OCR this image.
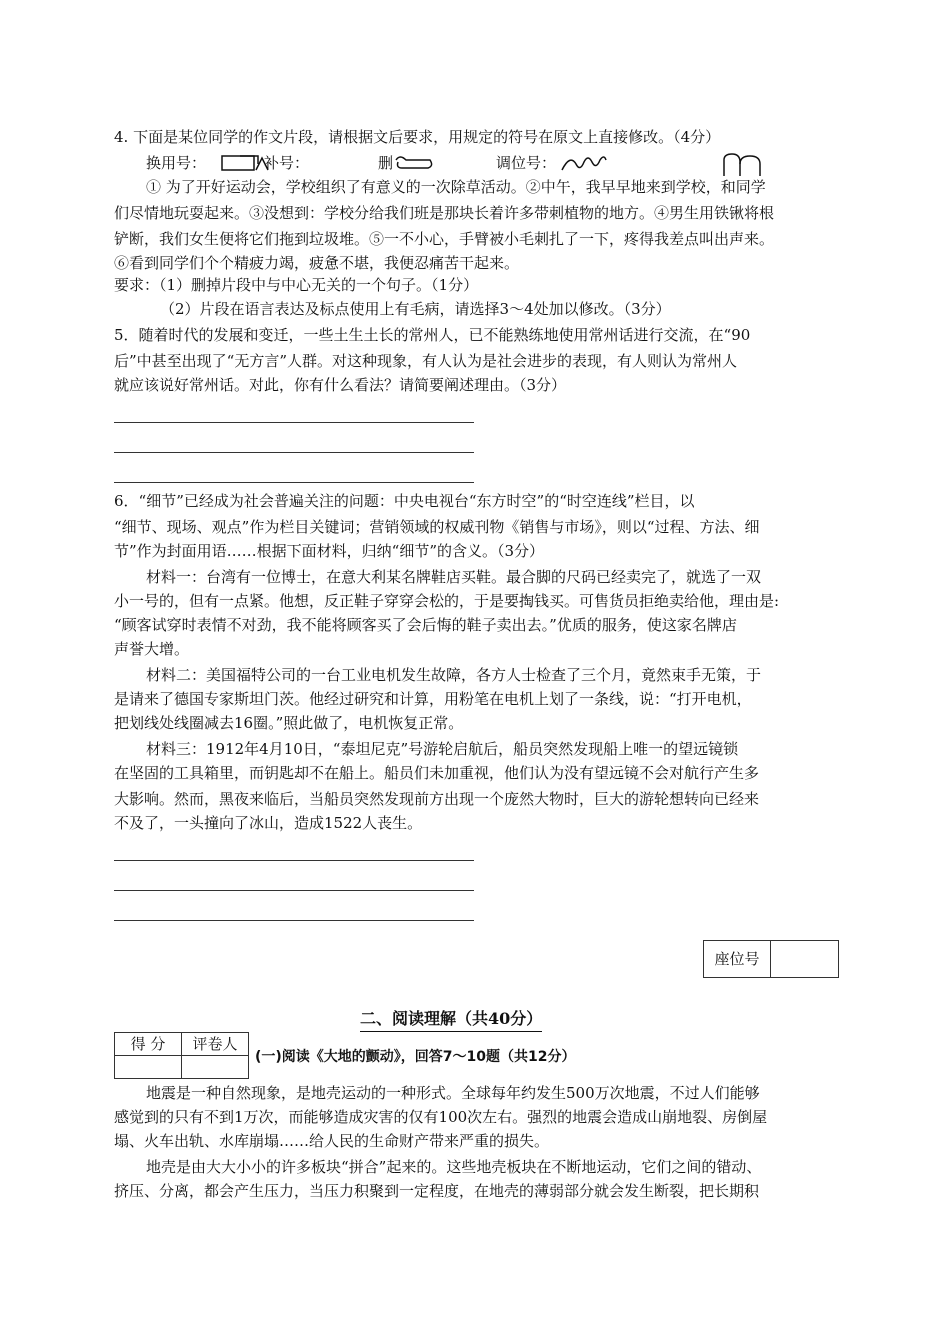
4. 下面是某位同学的作文片段，请根据文后要求，用规定的符号在原文上直接修改。（4分）
换用号：	补号：	删	调位号：
① 为了开好运动会，学校组织了有意义的一次除草活动。②中午，我早早地来到学校，和同学
们尽情地玩耍起来。③没想到：学校分给我们班是那块长着许多带刺植物的地方。④男生用铁锹将根
铲断，我们女生便将它们拖到垃圾堆。⑤一不小心，手臂被小毛刺扎了一下，疼得我差点叫出声来。
⑥看到同学们个个精疲力竭，疲惫不堪，我便忍痛苦干起来。
要求：（1）删掉片段中与中心无关的一个句子。（1分）
（2）片段在语言表达及标点使用上有毛病，请选择3～4处加以修改。（3分）
5．随着时代的发展和变迁，一些土生土长的常州人，已不能熟练地使用常州话进行交流，在“90
后”中甚至出现了“无方言”人群。对这种现象，有人认为是社会进步的表现，有人则认为常州人
就应该说好常州话。对此，你有什么看法？请简要阐述理由。（3分）
6．“细节”已经成为社会普遍关注的问题：中央电视台“东方时空”的“时空连线”栏目，以
“细节、现场、观点”作为栏目关键词；营销领域的权威刊物《销售与市场》，则以“过程、方法、细
节”作为封面用语……根据下面材料，归纳“细节”的含义。（3分）
材料一：台湾有一位博士，在意大利某名牌鞋店买鞋。最合脚的尺码已经卖完了，就选了一双
小一号的，但有一点紧。他想，反正鞋子穿穿会松的，于是要掏钱买。可售货员拒绝卖给他，理由是:
“顾客试穿时表情不对劲，我不能将顾客买了会后悔的鞋子卖出去。”优质的服务，使这家名牌店
声誉大增。
材料二：美国福特公司的一台工业电机发生故障，各方人士检查了三个月，竟然束手无策，于
是请来了德国专家斯坦门茨。他经过研究和计算，用粉笔在电机上划了一条线，说：“打开电机，
把划线处线圈减去16圈。”照此做了，电机恢复正常。
材料三：1912年4月10日，“泰坦尼克”号游轮启航后，船员突然发现船上唯一的望远镜锁
在坚固的工具箱里，而钥匙却不在船上。船员们未加重视，他们认为没有望远镜不会对航行产生多
大影响。然而，黑夜来临后，当船员突然发现前方出现一个庞然大物时，巨大的游轮想转向已经来
不及了，一头撞向了冰山，造成1522人丧生。
座位号
二、阅读理解（共40分）
得 分	评卷人

(一)阅读《大地的颤动》，回答7～10题（共12分）
地震是一种自然现象，是地壳运动的一种形式。全球每年约发生500万次地震，不过人们能够
感觉到的只有不到1万次，而能够造成灾害的仅有100次左右。强烈的地震会造成山崩地裂、房倒屋
塌、火车出轨、水库崩塌……给人民的生命财产带来严重的损失。
地壳是由大大小小的许多板块“拼合”起来的。这些地壳板块在不断地运动，它们之间的错动、
挤压、分离，都会产生压力，当压力积聚到一定程度，在地壳的薄弱部分就会发生断裂，把长期积
